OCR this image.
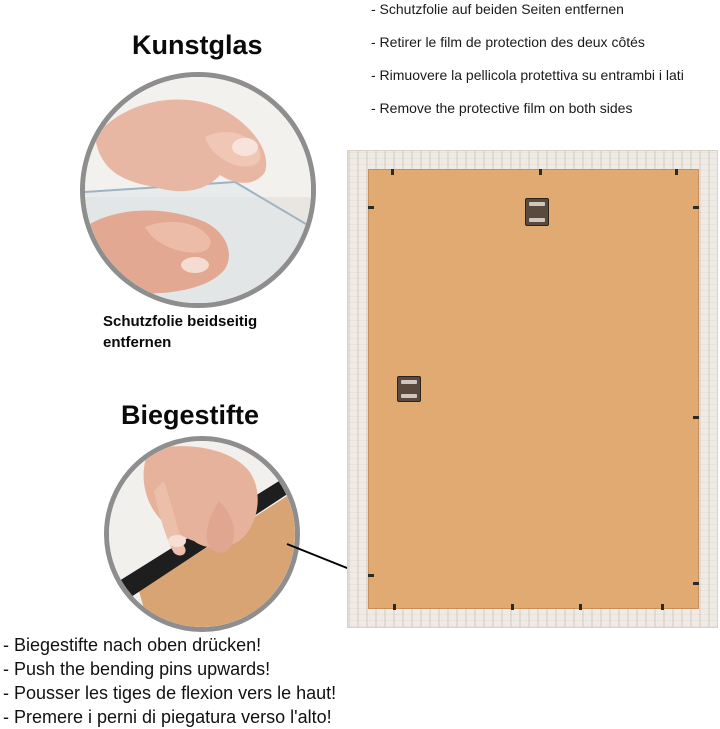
Kunstglas
Schutzfolie beidseitig
entfernen
- Schutzfolie auf beiden Seiten entfernen
- Retirer le film de protection des deux côtés
- Rimuovere la pellicola protettiva su entrambi i lati
- Remove the protective film on both sides
Biegestifte
- Biegestifte nach oben drücken!
- Push the bending pins upwards!
- Pousser les tiges de flexion vers le haut!
- Premere i perni di piegatura verso l'alto!
